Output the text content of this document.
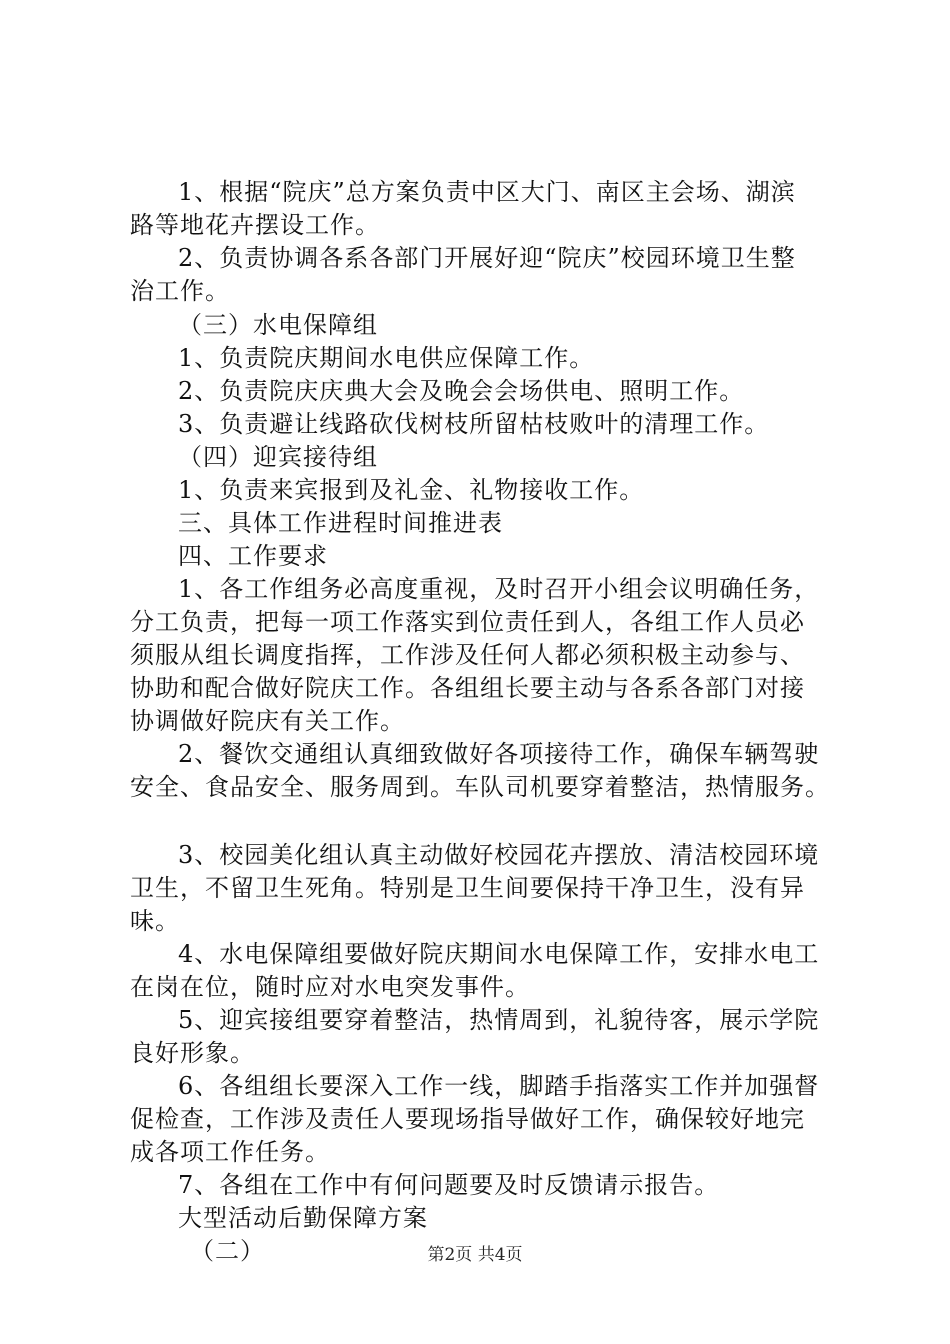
1、根据“院庆”总方案负责中区大门、南区主会场、湖滨
路等地花卉摆设工作。
2、负责协调各系各部门开展好迎“院庆”校园环境卫生整
治工作。
（三）水电保障组
1、负责院庆期间水电供应保障工作。
2、负责院庆庆典大会及晚会会场供电、照明工作。
3、负责避让线路砍伐树枝所留枯枝败叶的清理工作。
（四）迎宾接待组
1、负责来宾报到及礼金、礼物接收工作。
三、具体工作进程时间推进表
四、工作要求
1、各工作组务必高度重视，及时召开小组会议明确任务，
分工负责，把每一项工作落实到位责任到人，各组工作人员必
须服从组长调度指挥，工作涉及任何人都必须积极主动参与、
协助和配合做好院庆工作。各组组长要主动与各系各部门对接
协调做好院庆有关工作。
2、餐饮交通组认真细致做好各项接待工作，确保车辆驾驶
安全、食品安全、服务周到。车队司机要穿着整洁，热情服务。
3、校园美化组认真主动做好校园花卉摆放、清洁校园环境
卫生，不留卫生死角。特别是卫生间要保持干净卫生，没有异
味。
4、水电保障组要做好院庆期间水电保障工作，安排水电工
在岗在位，随时应对水电突发事件。
5、迎宾接组要穿着整洁，热情周到，礼貌待客，展示学院
良好形象。
6、各组组长要深入工作一线，脚踏手指落实工作并加强督
促检查，工作涉及责任人要现场指导做好工作，确保较好地完
成各项工作任务。
7、各组在工作中有何问题要及时反馈请示报告。
大型活动后勤保障方案
（二）	第2页 共4页
